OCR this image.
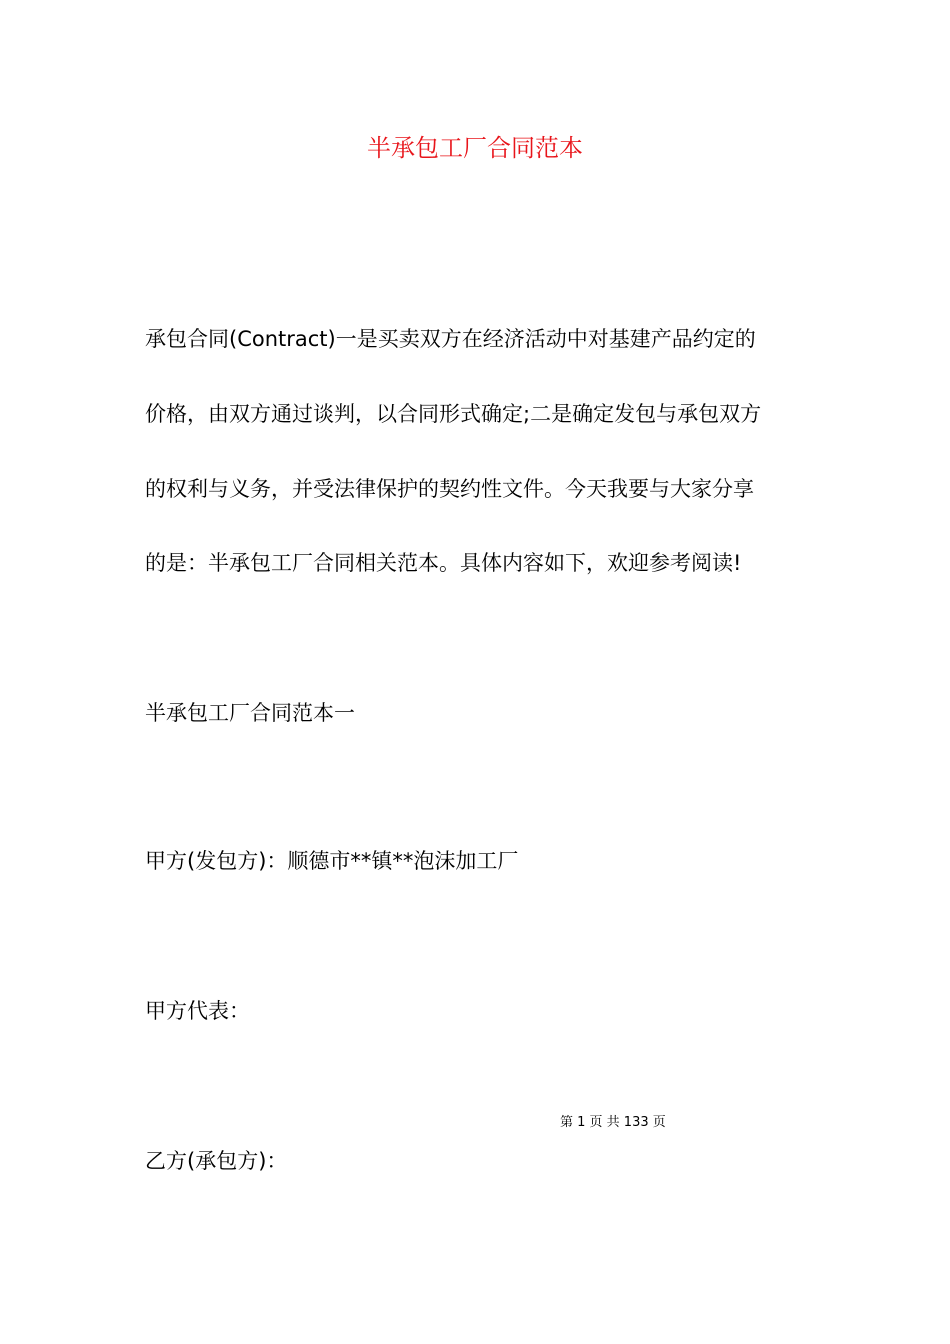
半承包工厂合同范本
承包合同(Contract)一是买卖双方在经济活动中对基建产品约定的
价格，由双方通过谈判，以合同形式确定;二是确定发包与承包双方
的权利与义务，并受法律保护的契约性文件。今天我要与大家分享
的是：半承包工厂合同相关范本。具体内容如下，欢迎参考阅读!
半承包工厂合同范本一
甲方(发包方)：顺德市**镇**泡沫加工厂
甲方代表：
第 1 页 共 133 页
乙方(承包方)：
